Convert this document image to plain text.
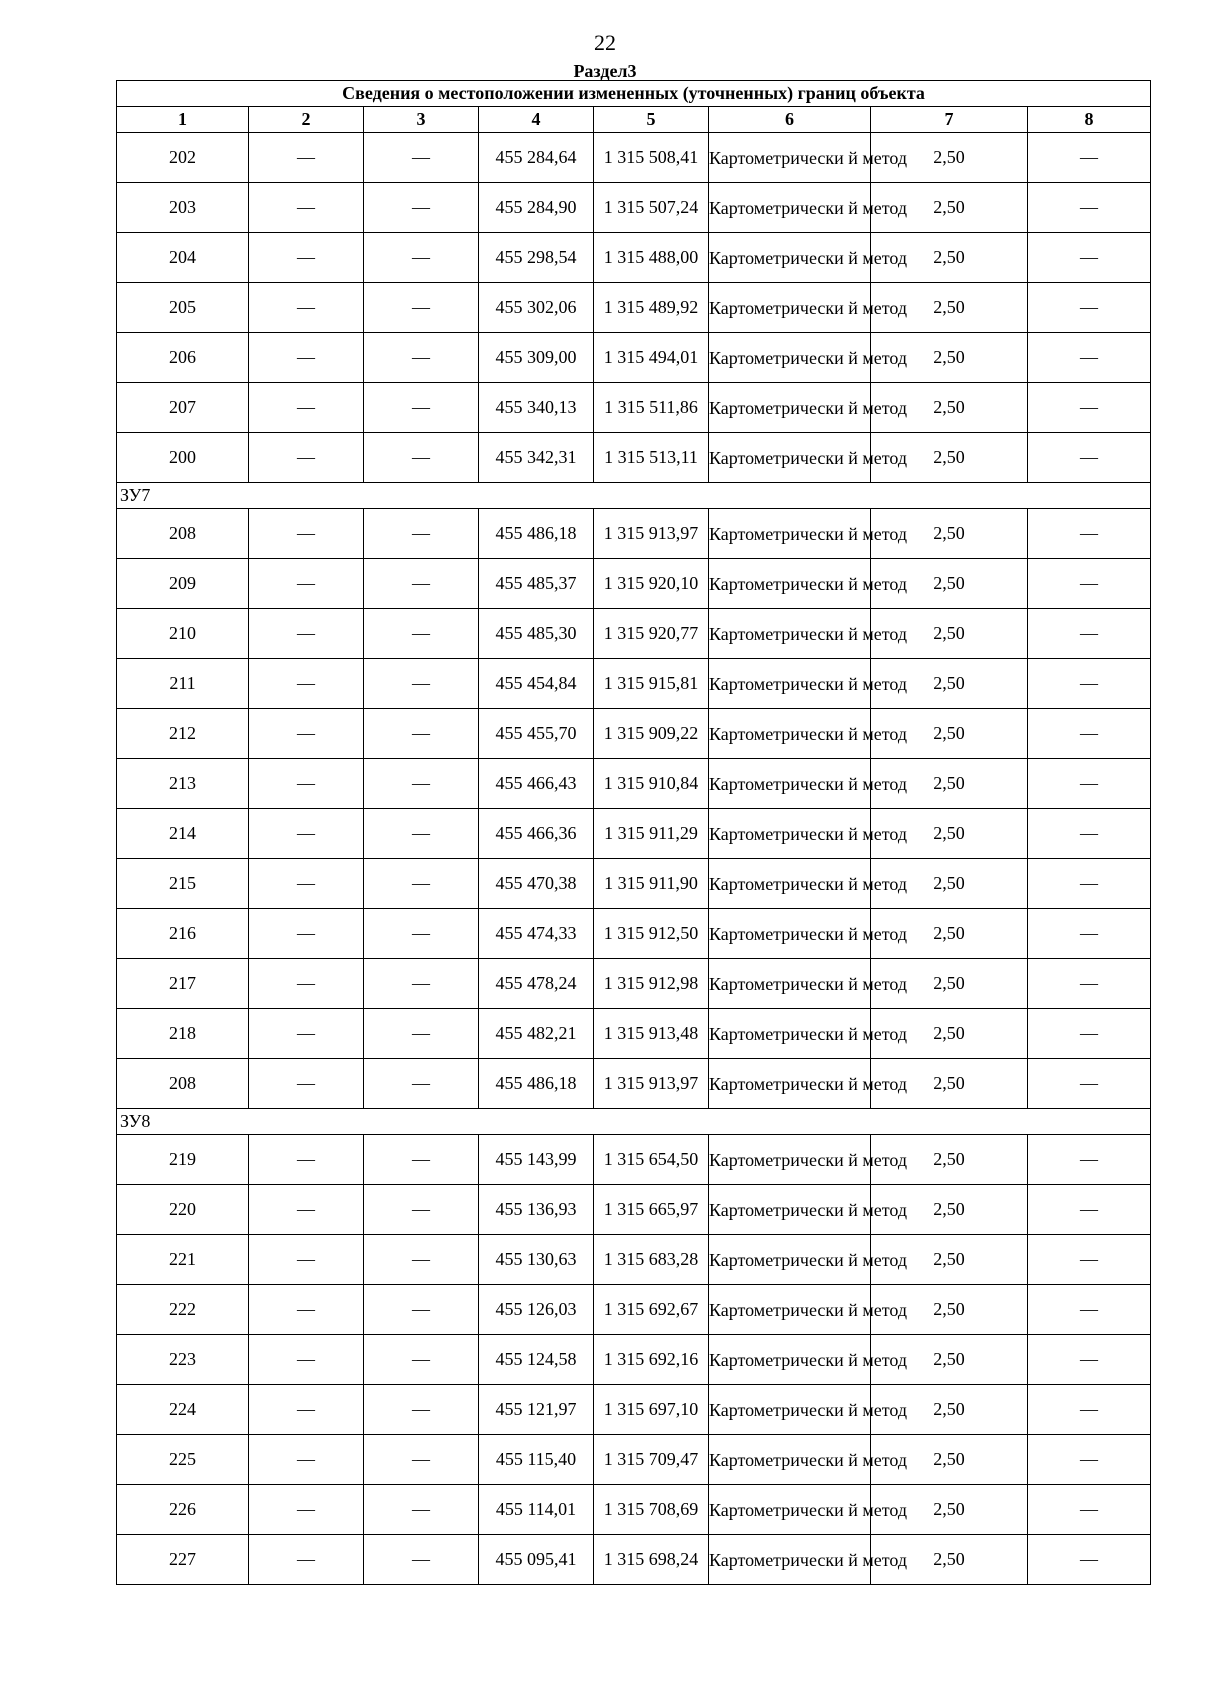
22
Раздел3
Сведения о местоположении измененных (уточненных) границ объекта							
1	2	3	4	5	6	7	8
202	—	—	455 284,64	1 315 508,41	Картометрически й метод	2,50	—
203	—	—	455 284,90	1 315 507,24	Картометрически й метод	2,50	—
204	—	—	455 298,54	1 315 488,00	Картометрически й метод	2,50	—
205	—	—	455 302,06	1 315 489,92	Картометрически й метод	2,50	—
206	—	—	455 309,00	1 315 494,01	Картометрически й метод	2,50	—
207	—	—	455 340,13	1 315 511,86	Картометрически й метод	2,50	—
200	—	—	455 342,31	1 315 513,11	Картометрически й метод	2,50	—
ЗУ7							
208	—	—	455 486,18	1 315 913,97	Картометрически й метод	2,50	—
209	—	—	455 485,37	1 315 920,10	Картометрически й метод	2,50	—
210	—	—	455 485,30	1 315 920,77	Картометрически й метод	2,50	—
211	—	—	455 454,84	1 315 915,81	Картометрически й метод	2,50	—
212	—	—	455 455,70	1 315 909,22	Картометрически й метод	2,50	—
213	—	—	455 466,43	1 315 910,84	Картометрически й метод	2,50	—
214	—	—	455 466,36	1 315 911,29	Картометрически й метод	2,50	—
215	—	—	455 470,38	1 315 911,90	Картометрически й метод	2,50	—
216	—	—	455 474,33	1 315 912,50	Картометрически й метод	2,50	—
217	—	—	455 478,24	1 315 912,98	Картометрически й метод	2,50	—
218	—	—	455 482,21	1 315 913,48	Картометрически й метод	2,50	—
208	—	—	455 486,18	1 315 913,97	Картометрически й метод	2,50	—
ЗУ8							
219	—	—	455 143,99	1 315 654,50	Картометрически й метод	2,50	—
220	—	—	455 136,93	1 315 665,97	Картометрически й метод	2,50	—
221	—	—	455 130,63	1 315 683,28	Картометрически й метод	2,50	—
222	—	—	455 126,03	1 315 692,67	Картометрически й метод	2,50	—
223	—	—	455 124,58	1 315 692,16	Картометрически й метод	2,50	—
224	—	—	455 121,97	1 315 697,10	Картометрически й метод	2,50	—
225	—	—	455 115,40	1 315 709,47	Картометрически й метод	2,50	—
226	—	—	455 114,01	1 315 708,69	Картометрически й метод	2,50	—
227	—	—	455 095,41	1 315 698,24	Картометрически й метод	2,50	—
